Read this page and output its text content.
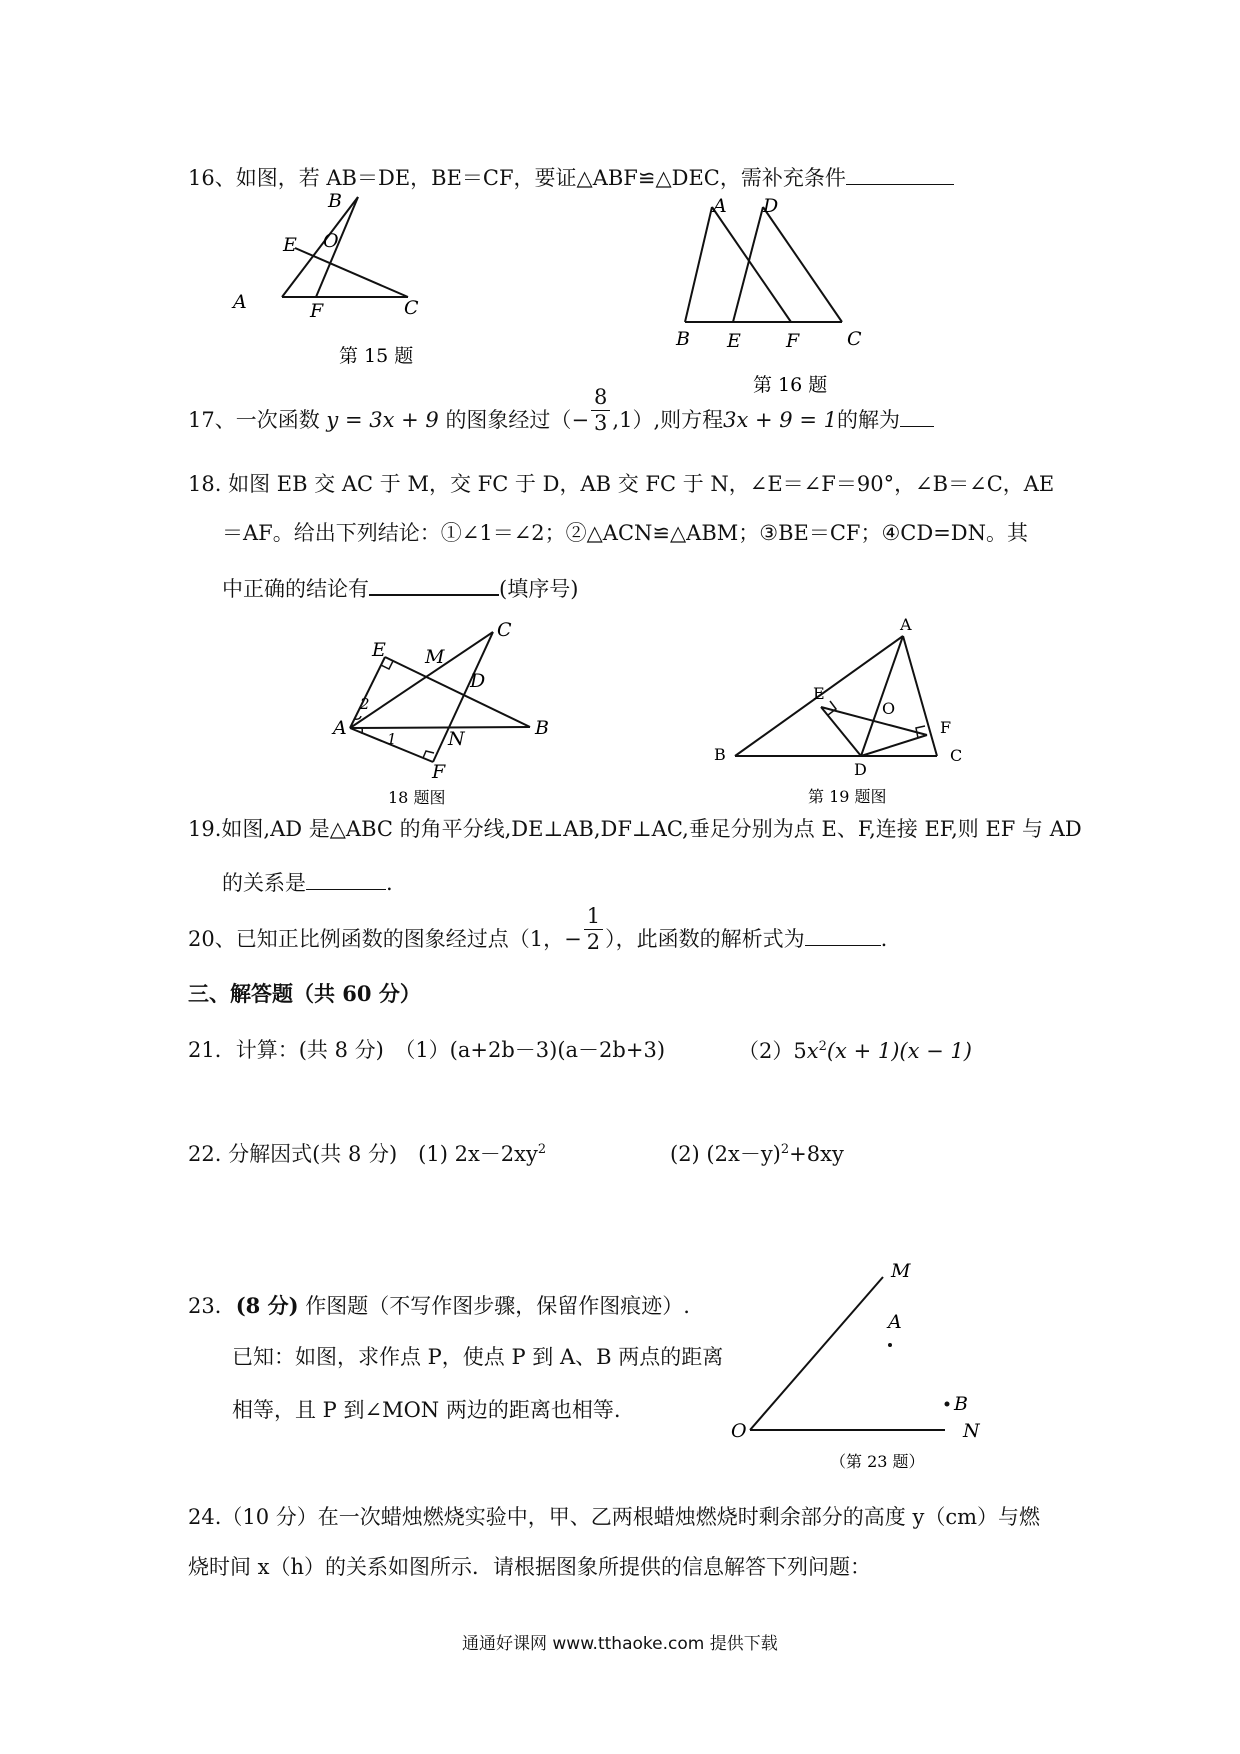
16、如图，若 AB＝DE，BE＝CF，要证△ABF≌△DEC，需补充条件
B
E O
A	F	C
第 15 题
A D
B E F	C
第 16 题
17、一次函数 y = 3x + 9 的图象经过（− $\frac{8}{3} ,1$）,则方程3x + 9 = 1的解为
18. 如图 EB 交 AC 于 M，交 FC 于 D，AB 交 FC 于 N，∠E＝∠F＝90°，∠B＝∠C，AE
＝AF。给出下列结论：①∠1＝∠2；②△ACN≌△ABM；③BE＝CF；④CD=DN。其
中正确的结论有	(填序号)
C
E M
D
A	N	B
F
2
1
18 题图
A
E
O
F
B
D
C
第 19 题图
19.如图,AD 是△ABC 的角平分线,DE⊥AB,DF⊥AC,垂足分别为点 E、F,连接 EF,则 EF 与 AD
的关系是	.
20、已知正比例函数的图象经过点（1，− $\frac{1}{2}$ ），此函数的解析式为	.
三、解答题（共 60 分）
21．计算：(共 8 分)　（1）(a+2b－3)(a－2b+3)	$(2)5x^2(x + 1)(x - 1)$
22. 分解因式(共 8 分)　(1) $2x-2xy^2$	(2) $(2x-y)^2+8xy$
23．(8 分) 作图题（不写作图步骤，保留作图痕迹）.
已知：如图，求作点 P，使点 P 到 A、B 两点的距离
相等，且 P 到∠MON 两边的距离也相等.
M
A
B
O	N
（第 23 题）
24.（10 分）在一次蜡烛燃烧实验中，甲、乙两根蜡烛燃烧时剩余部分的高度 y（cm）与燃
烧时间 x（h）的关系如图所示．请根据图象所提供的信息解答下列问题：
通通好课网 www.tthaoke.com 提供下载
